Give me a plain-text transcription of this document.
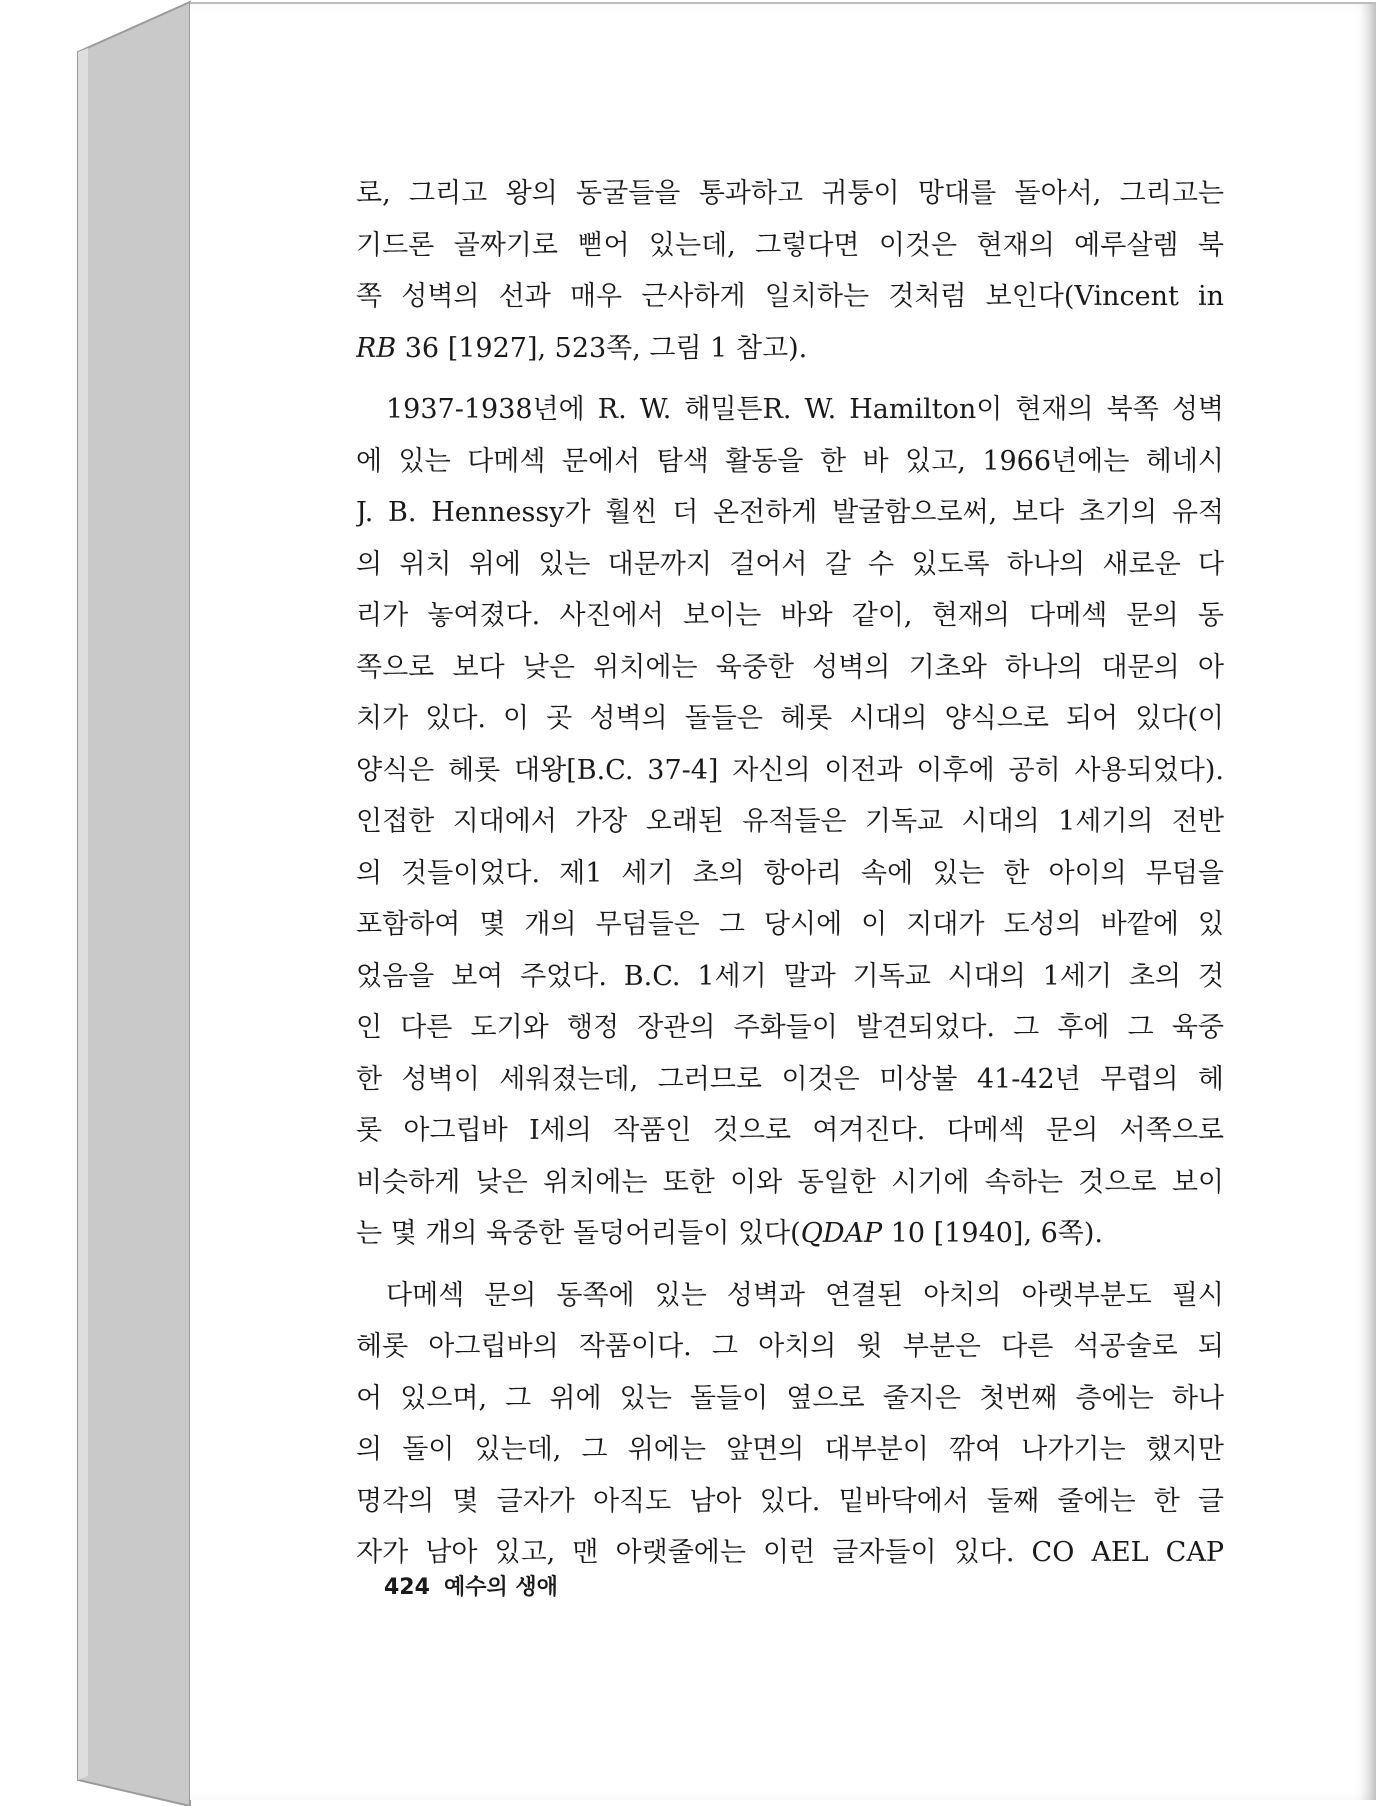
로, 그리고 왕의 동굴들을 통과하고 귀퉁이 망대를 돌아서, 그리고는
기드론 골짜기로 뻗어 있는데, 그렇다면 이것은 현재의 예루살렘 북
쪽 성벽의 선과 매우 근사하게 일치하는 것처럼 보인다(Vincent in
RB 36 [1927], 523쪽, 그림 1 참고).
1937-1938년에 R. W. 해밀튼R. W. Hamilton이 현재의 북쪽 성벽
에 있는 다메섹 문에서 탐색 활동을 한 바 있고, 1966년에는 헤네시
J. B. Hennessy가 훨씬 더 온전하게 발굴함으로써, 보다 초기의 유적
의 위치 위에 있는 대문까지 걸어서 갈 수 있도록 하나의 새로운 다
리가 놓여졌다. 사진에서 보이는 바와 같이, 현재의 다메섹 문의 동
쪽으로 보다 낮은 위치에는 육중한 성벽의 기초와 하나의 대문의 아
치가 있다. 이 곳 성벽의 돌들은 헤롯 시대의 양식으로 되어 있다(이
양식은 헤롯 대왕[B.C. 37-4] 자신의 이전과 이후에 공히 사용되었다).
인접한 지대에서 가장 오래된 유적들은 기독교 시대의 1세기의 전반
의 것들이었다. 제1 세기 초의 항아리 속에 있는 한 아이의 무덤을
포함하여 몇 개의 무덤들은 그 당시에 이 지대가 도성의 바깥에 있
었음을 보여 주었다. B.C. 1세기 말과 기독교 시대의 1세기 초의 것
인 다른 도기와 행정 장관의 주화들이 발견되었다. 그 후에 그 육중
한 성벽이 세워졌는데, 그러므로 이것은 미상불 41-42년 무렵의 헤
롯 아그립바 I세의 작품인 것으로 여겨진다. 다메섹 문의 서쪽으로
비슷하게 낮은 위치에는 또한 이와 동일한 시기에 속하는 것으로 보이
는 몇 개의 육중한 돌덩어리들이 있다(QDAP 10 [1940], 6쪽).
다메섹 문의 동쪽에 있는 성벽과 연결된 아치의 아랫부분도 필시
헤롯 아그립바의 작품이다. 그 아치의 윗 부분은 다른 석공술로 되
어 있으며, 그 위에 있는 돌들이 옆으로 줄지은 첫번째 층에는 하나
의 돌이 있는데, 그 위에는 앞면의 대부분이 깎여 나가기는 했지만
명각의 몇 글자가 아직도 남아 있다. 밑바닥에서 둘째 줄에는 한 글
자가 남아 있고, 맨 아랫줄에는 이런 글자들이 있다. CO AEL CAP
424 예수의 생애
